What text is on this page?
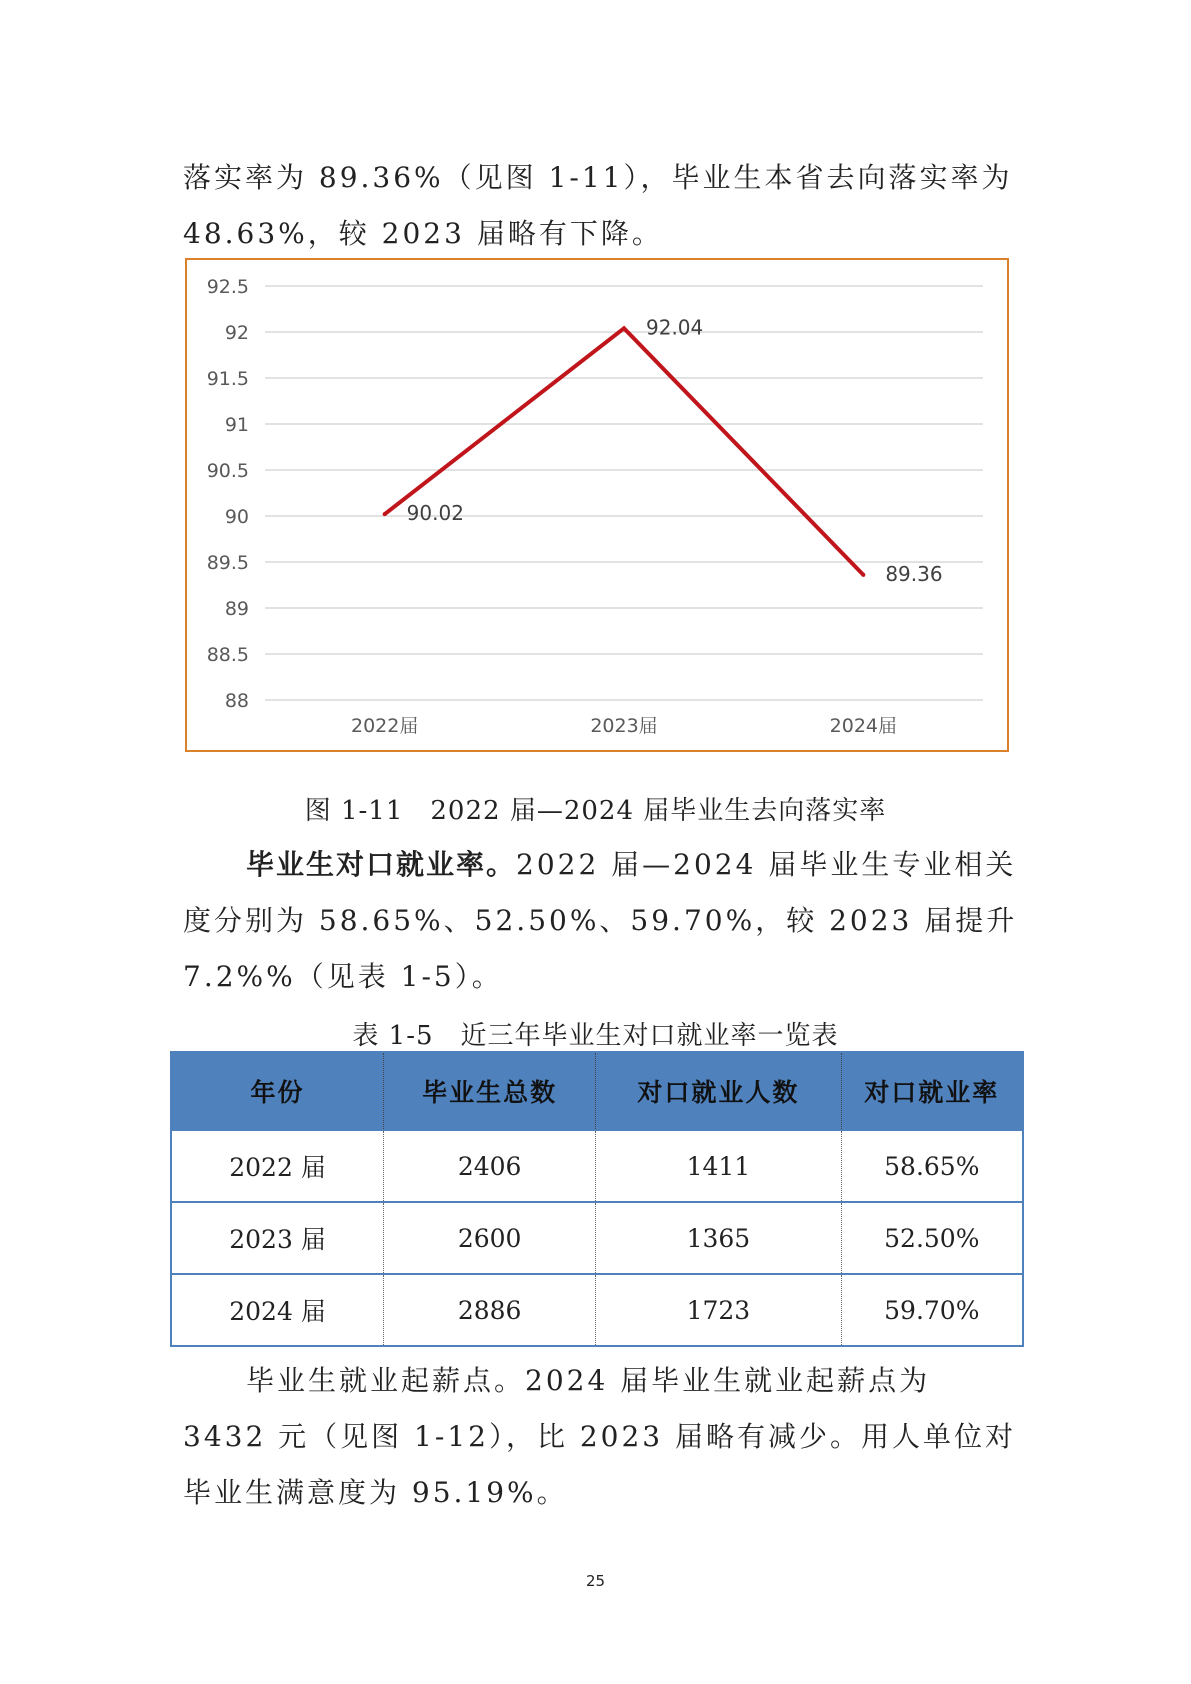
落实率为 89.36%（见图 1-11），毕业生本省去向落实率为

48.63%，较 2023 届略有下降。

92.5
92
91.5
91
90.5
90
89.5
89
88.5
88
2022届	2023届	2024届
90.02
92.04
89.36

图 1-11　2022 届—2024 届毕业生去向落实率

毕业生对口就业率。2022 届—2024 届毕业生专业相关度分别为 58.65%、52.50%、59.70%，较 2023 届提升 7.2%%（见表 1-5）。

表 1-5　近三年毕业生对口就业率一览表

年份	毕业生总数	对口就业人数	对口就业率
2022 届	2406	1411	58.65%
2023 届	2600	1365	52.50%
2024 届	2886	1723	59.70%

毕业生就业起薪点。2024 届毕业生就业起薪点为 3432 元（见图 1-12），比 2023 届略有减少。用人单位对毕业生满意度为 95.19%。

25
